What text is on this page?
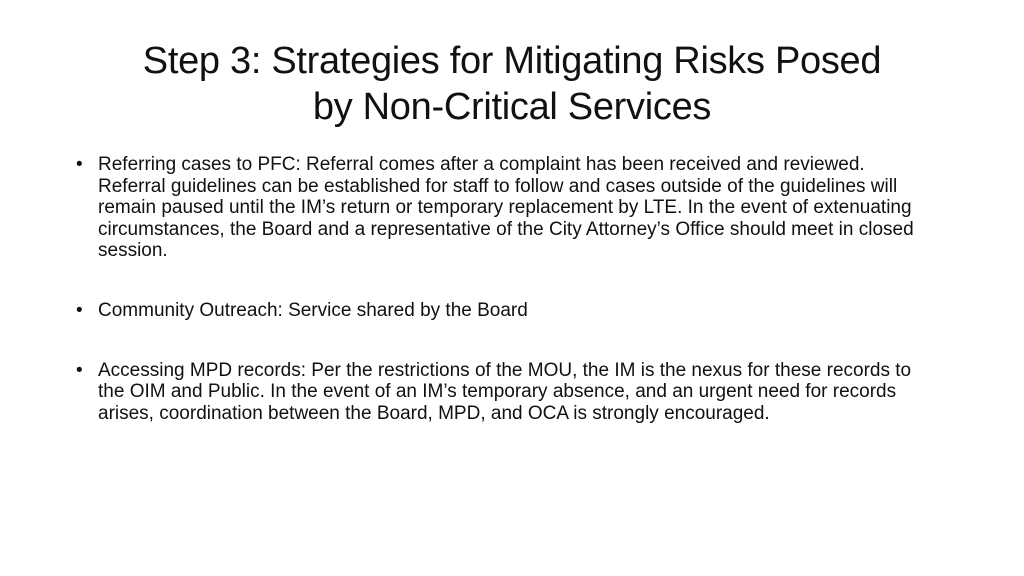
Step 3: Strategies for Mitigating Risks Posed
by Non-Critical Services
• Referring cases to PFC: Referral comes after a complaint has been received and reviewed. Referral guidelines can be established for staff to follow and cases outside of the guidelines will remain paused until the IM’s return or temporary replacement by LTE. In the event of extenuating circumstances, the Board and a representative of the City Attorney’s Office should meet in closed session.
• Community Outreach: Service shared by the Board
• Accessing MPD records: Per the restrictions of the MOU, the IM is the nexus for these records to the OIM and Public. In the event of an IM’s temporary absence, and an urgent need for records arises, coordination between the Board, MPD, and OCA is strongly encouraged.
